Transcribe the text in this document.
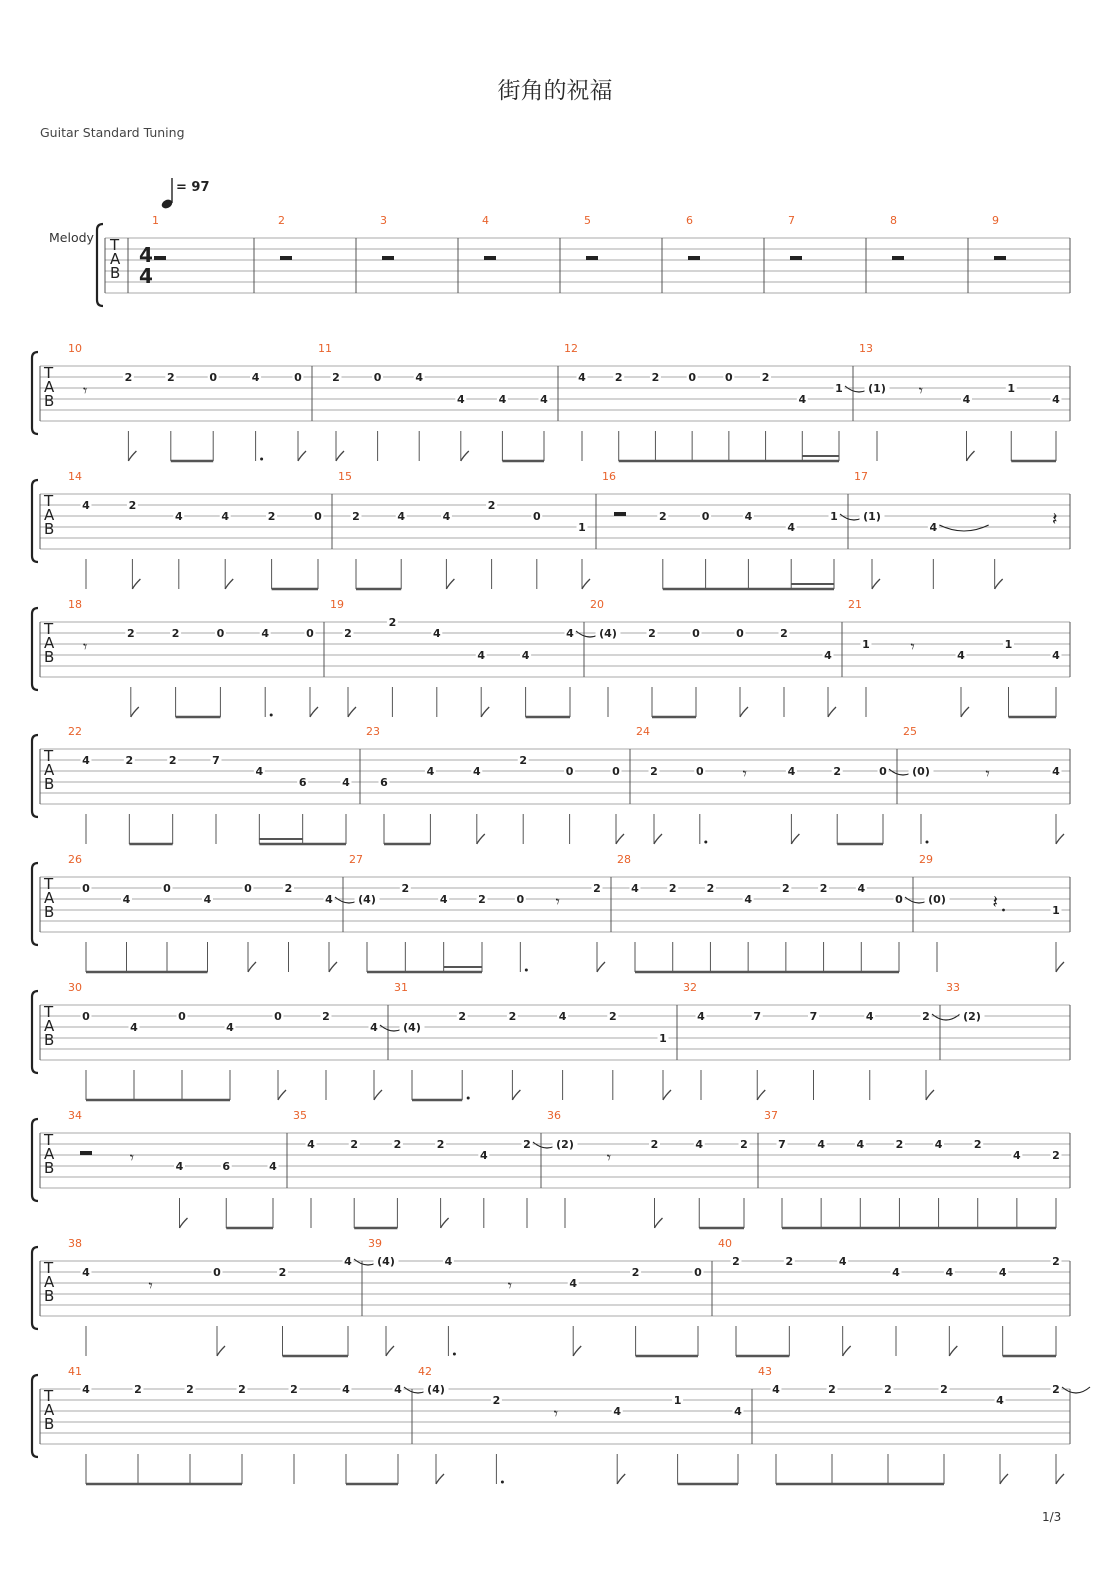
街角的祝福
Guitar Standard Tuning
= 97
Melody T
A
B
4
4
1	2	3	4	5	6	7	8	9
T
A
B
10
𝄾
2	2	0	4	0
11
2	0	4
4	4	4
12
4	2	2	0	0	2
4
1
13
(1) 𝄾	4
1
4
T
A
B
14
4	2
4	4	2	0
15
2	4	4
2
0
1
16
2	0	4
4
1
17
(1)
4	𝄽
T
A
B
18
𝄾
2	2	0	4	0
19
2
2
4
4	4
4
20
(4)	2	0	0	2
4
21
1	𝄾	4
1
4
T
A
B
22
4	2	2	7
4
6	4
23
6
4	4
2
0	0
24
2	0 𝄾	4	2	0
25
(0)	𝄾	4
T
A
B
26
0
4
0
4
0	2
4
27
(4)
2
4	2	0 𝄾
2
28
4	2	2
4
2	2	4
0
29
(0)	𝄽	1
T
A
B
30
0
4
0
4
0	2
4
31
(4)
2	2	4	2
1
32
4	7	7	4	2
33
(2)
T
A
B
34
𝄾	4	6	4
35
4	2	2	2
4
2
36
(2)
𝄾
2	4	2
37
7	4	4	2	4	2
4	2
T
A
B
38
4
𝄾
0	2
4
39
(4)	4
𝄾	4
2	0
40
2	2	4
4	4	4
2
T
A
B
41
4	2	2	2	2	4	4
42
(4)
2
𝄾	4
1
4
43
4	2	2	2
4
2
1/3
